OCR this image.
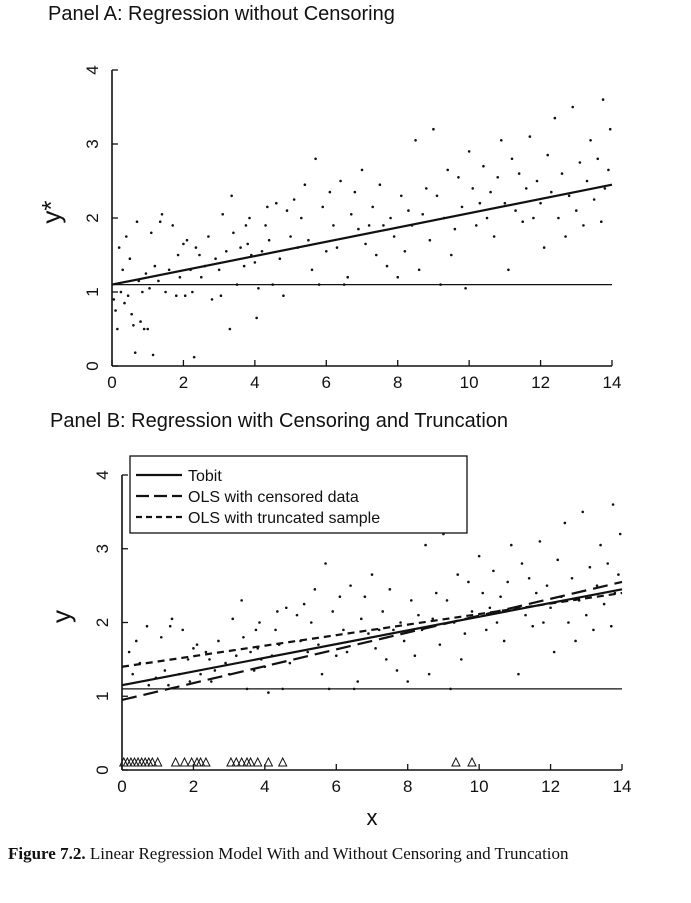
Panel A: Regression without Censoring
Panel B: Regression with Censoring and Truncation
0
1
2
3
4
0	2	4	6	8	10	12	14
y*
0
1
2
3
4
0	2	4	6	8	10	12	14
y
x
Tobit
OLS with censored data
OLS with truncated sample
Figure 7.2. Linear Regression Model With and Without Censoring and Truncation
